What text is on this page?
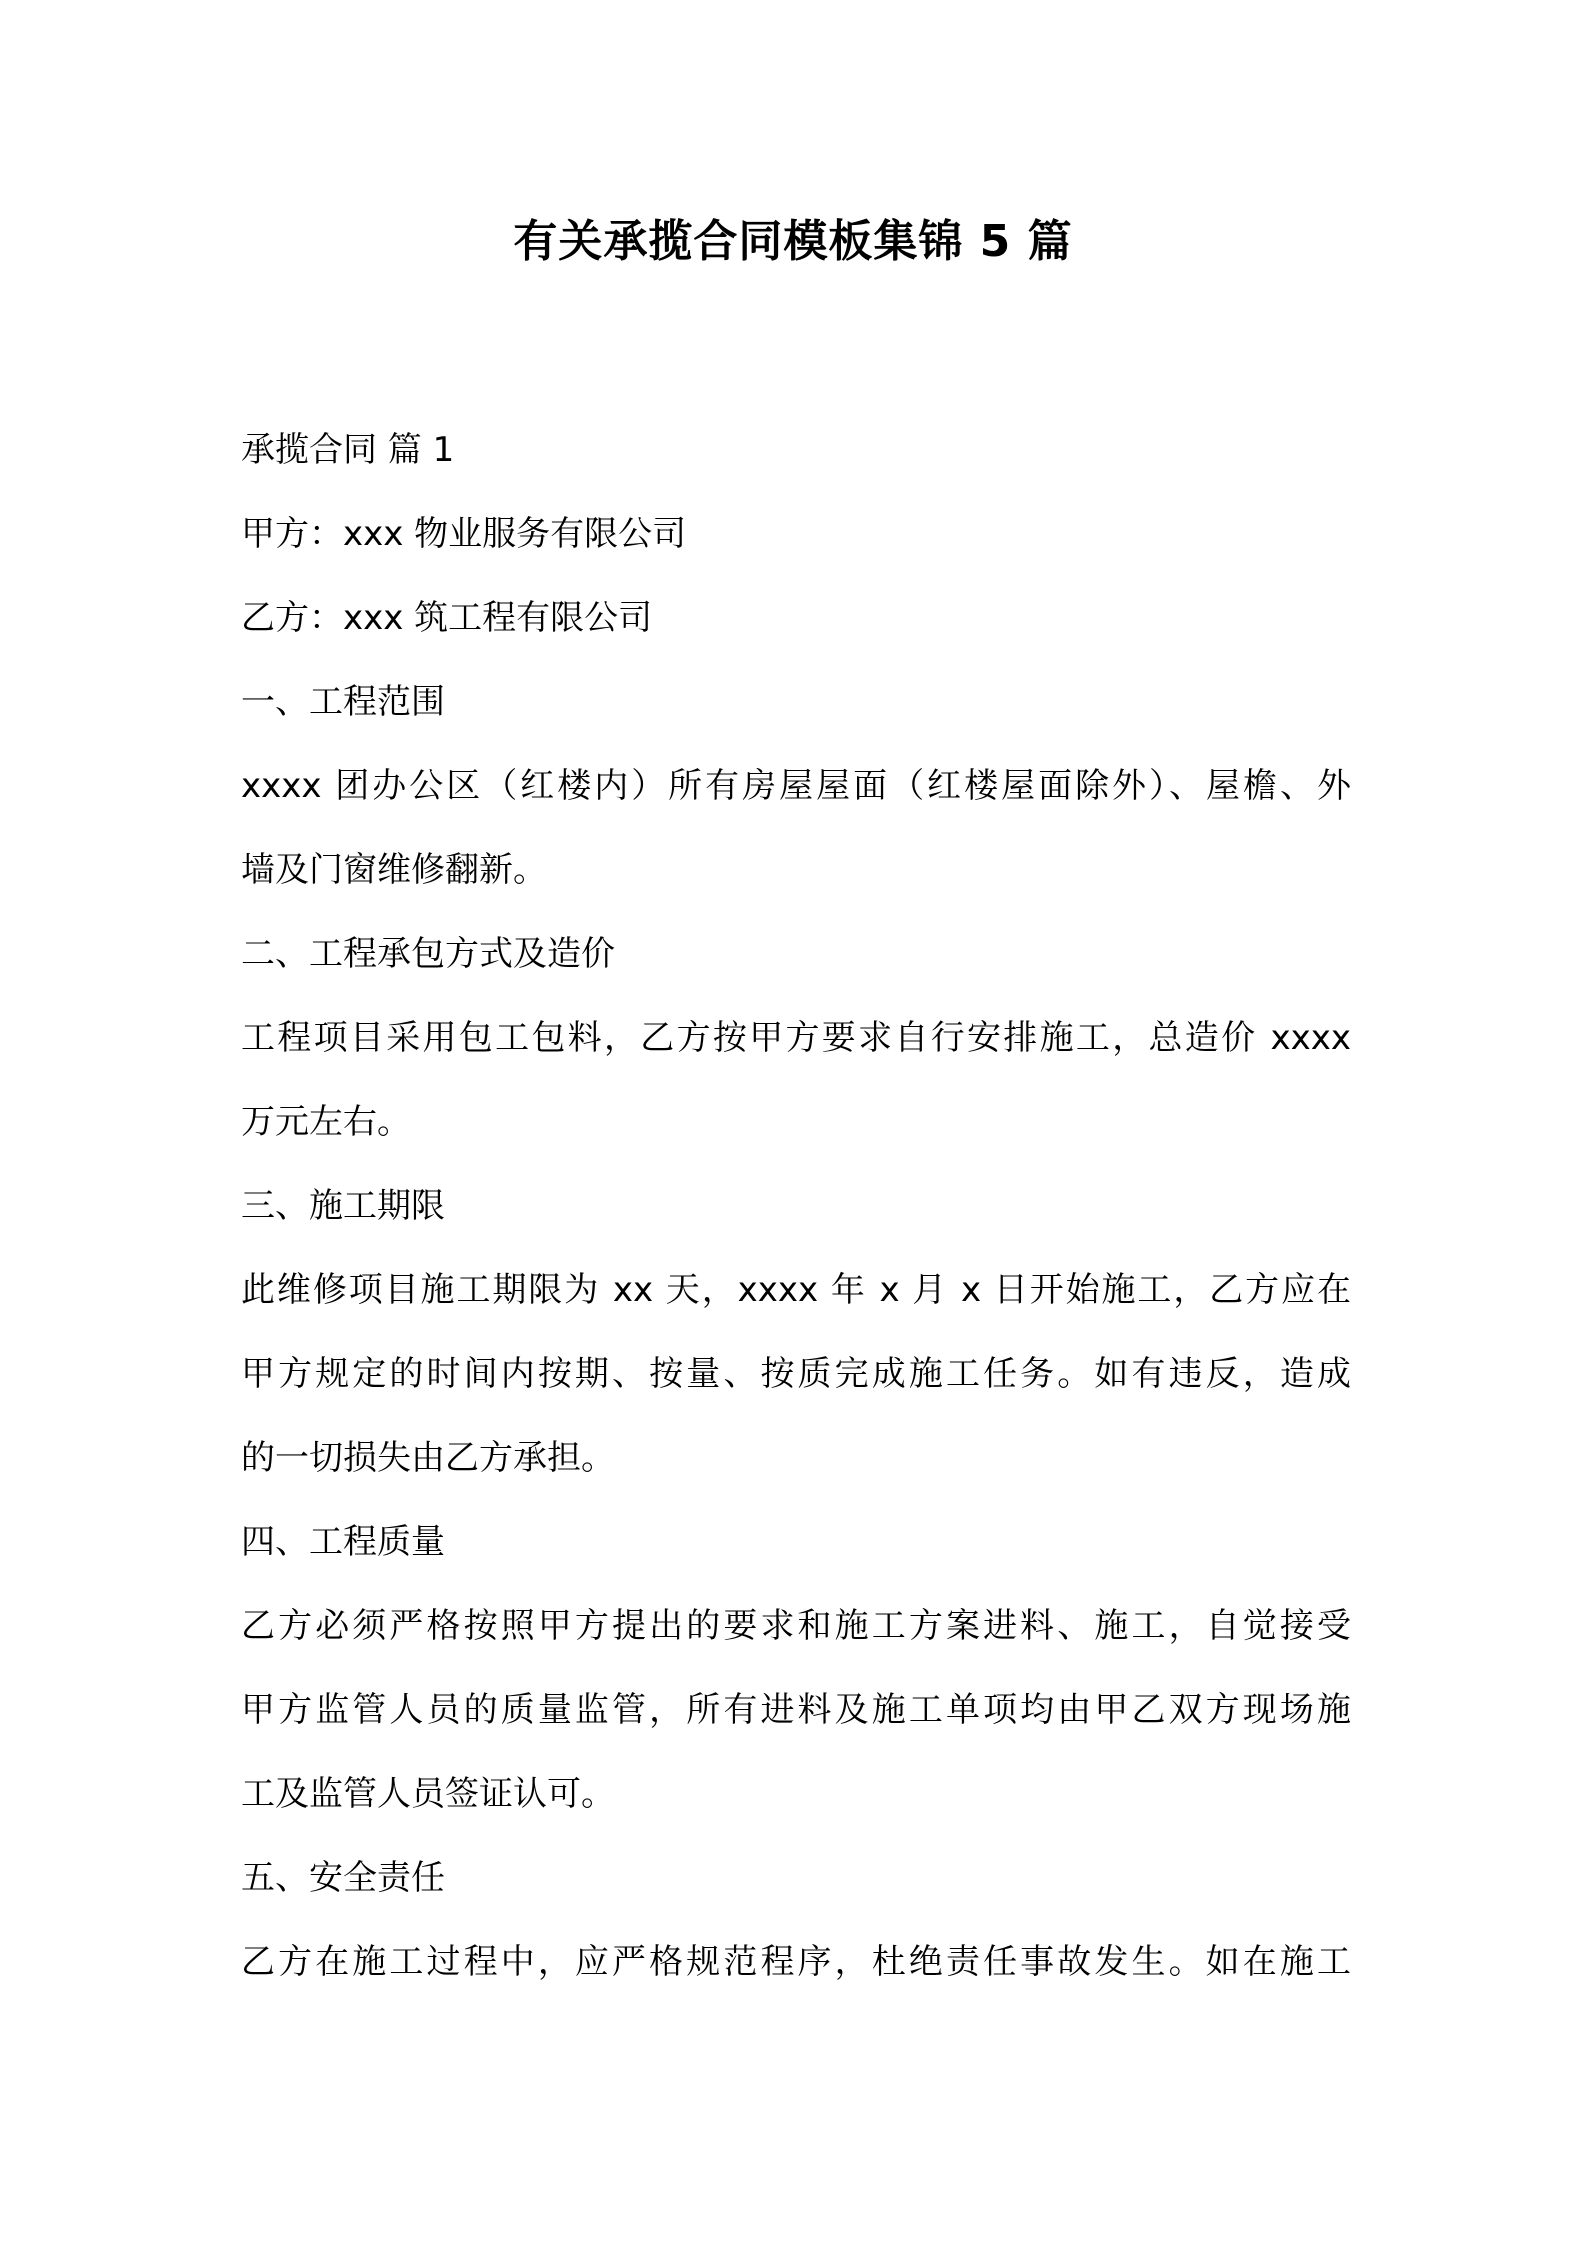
有关承揽合同模板集锦 5 篇
承揽合同 篇 1
甲方：xxx 物业服务有限公司
乙方：xxx 筑工程有限公司
一、工程范围
xxxx 团办公区（红楼内）所有房屋屋面（红楼屋面除外）、屋檐、外
墙及门窗维修翻新。
二、工程承包方式及造价
工程项目采用包工包料，乙方按甲方要求自行安排施工，总造价 xxxx
万元左右。
三、施工期限
此维修项目施工期限为 xx 天，xxxx 年 x 月 x 日开始施工，乙方应在
甲方规定的时间内按期、按量、按质完成施工任务。如有违反，造成
的一切损失由乙方承担。
四、工程质量
乙方必须严格按照甲方提出的要求和施工方案进料、施工，自觉接受
甲方监管人员的质量监管，所有进料及施工单项均由甲乙双方现场施
工及监管人员签证认可。
五、安全责任
乙方在施工过程中，应严格规范程序，杜绝责任事故发生。如在施工
